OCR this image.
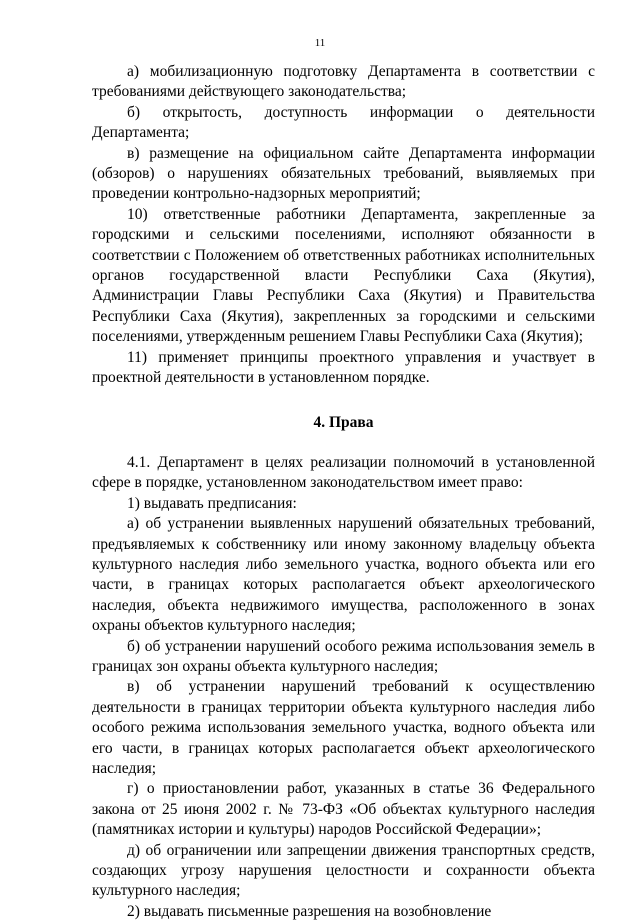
11

а) мобилизационную подготовку Департамента в соответствии с требованиями действующего законодательства;

б) открытость, доступность информации о деятельности Департамента;

в) размещение на официальном сайте Департамента информации (обзоров) о нарушениях обязательных требований, выявляемых при проведении контрольно-надзорных мероприятий;

10) ответственные работники Департамента, закрепленные за городскими и сельскими поселениями, исполняют обязанности в соответствии с Положением об ответственных работниках исполнительных органов государственной власти Республики Саха (Якутия), Администрации Главы Республики Саха (Якутия) и Правительства Республики Саха (Якутия), закрепленных за городскими и сельскими поселениями, утвержденным решением Главы Республики Саха (Якутия);

11) применяет принципы проектного управления и участвует в проектной деятельности в установленном порядке.

4. Права

4.1. Департамент в целях реализации полномочий в установленной сфере в порядке, установленном законодательством имеет право:

1) выдавать предписания:

а) об устранении выявленных нарушений обязательных требований, предъявляемых к собственнику или иному законному владельцу объекта культурного наследия либо земельного участка, водного объекта или его части, в границах которых располагается объект археологического наследия, объекта недвижимого имущества, расположенного в зонах охраны объектов культурного наследия;

б) об устранении нарушений особого режима использования земель в границах зон охраны объекта культурного наследия;

в) об устранении нарушений требований к осуществлению деятельности в границах территории объекта культурного наследия либо особого режима использования земельного участка, водного объекта или его части, в границах которых располагается объект археологического наследия;

г) о приостановлении работ, указанных в статье 36 Федерального закона от 25 июня 2002 г. № 73-ФЗ «Об объектах культурного наследия (памятниках истории и культуры) народов Российской Федерации»;

д) об ограничении или запрещении движения транспортных средств, создающих угрозу нарушения целостности и сохранности объекта культурного наследия;

2) выдавать письменные разрешения на возобновление
